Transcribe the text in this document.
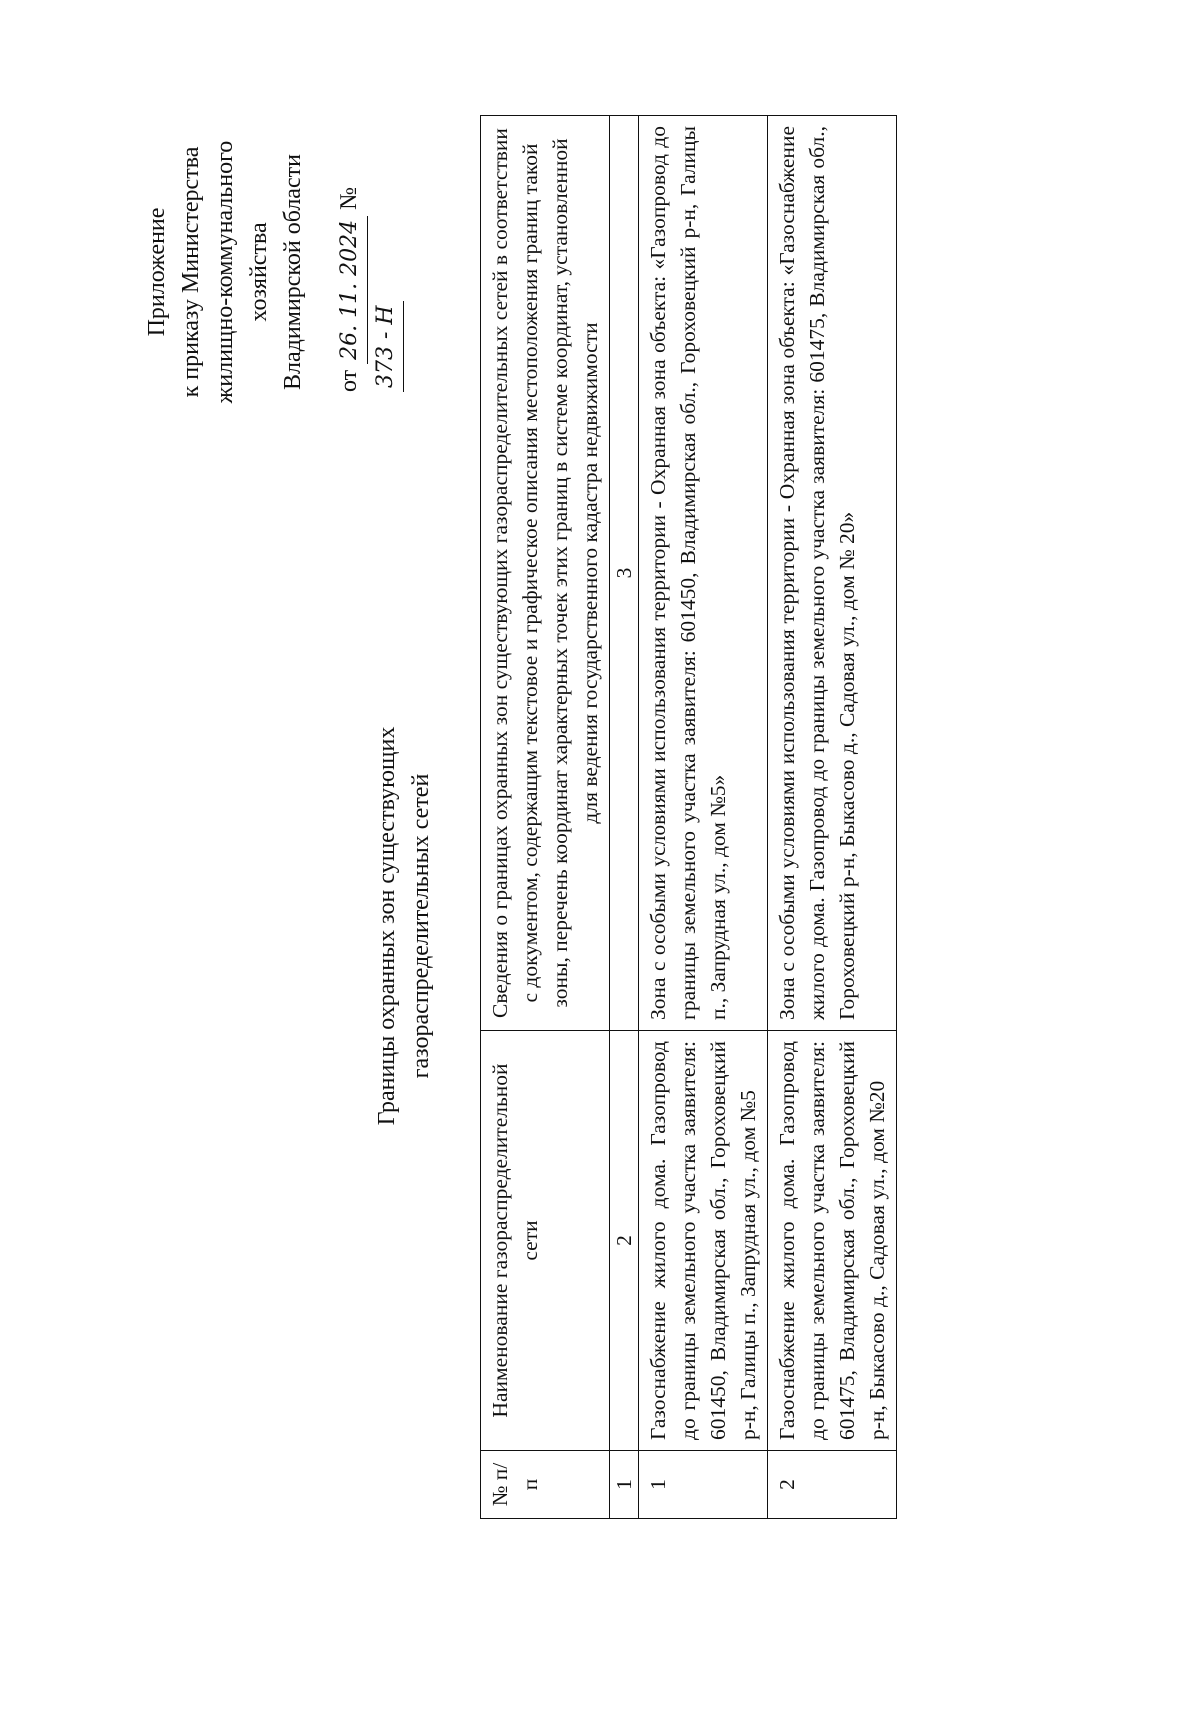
Приложение к приказу Министерства жилищно-коммунального хозяйства Владимирской области от 26. 11. 2024 № 373 - Н
Границы охранных зон существующих газораспределительных сетей
№ п/п	Наименование газораспределительной сети	Сведения о границах охранных зон существующих газораспределительных сетей в соответствии с документом, содержащим текстовое и графическое описания местоположения границ такой зоны, перечень координат характерных точек этих границ в системе координат, установленной для ведения государственного кадастра недвижимости
1	2	3
1	Газоснабжение жилого дома. Газопровод до границы земельного участка заявителя: 601450, Владимирская обл., Гороховецкий р-н, Галицы п., Запрудная ул., дом №5	Зона с особыми условиями использования территории - Охранная зона объекта: «Газопровод до границы земельного участка заявителя: 601450, Владимирская обл., Гороховецкий р-н, Галицы п., Запрудная ул., дом №5»
2	Газоснабжение жилого дома. Газопровод до границы земельного участка заявителя: 601475, Владимирская обл., Гороховецкий р-н, Быкасово д., Садовая ул., дом №20	Зона с особыми условиями использования территории - Охранная зона объекта: «Газоснабжение жилого дома. Газопровод до границы земельного участка заявителя: 601475, Владимирская обл., Гороховецкий р-н, Быкасово д., Садовая ул., дом № 20»
